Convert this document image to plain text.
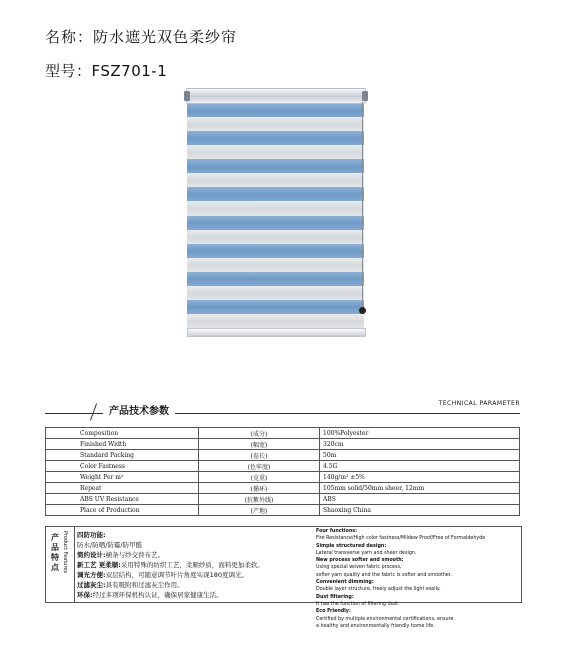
名称：防水遮光双色柔纱帘
型号：FSZ701-1
产品技术参数
TECHNICAL PARAMETER
Composition	(成分)	100%Polyester
Finished Width	(幅宽)	320cm
Standard Packing	(卷长)	50m
Color Fastness	(色牢度)	4.5G
Weight Per m²	(克重)	140g/m² ±5%
Repeat	(循环)	105mm solid/50mm sheer, 12mm
ABS UV Resistance	(抗紫外线)	ABS
Place of Production	(产地)	Shaoxing China
产品特点 Product Features 四防功能:
防水/防晒/防霉/防甲醛
简约设计:横条与纱交替布艺。
新工艺 更柔顺:采用特殊的纺织工艺，柔顺纱质，面料更加柔软。
调光方便:双层结构，可随意调节叶片角度实现180度调光。
过滤灰尘:具有吸附和过滤灰尘作用。
环保:经过多项环保机构认证，确保居家健康生活。
Four functions:
Fire Resistance/High color fastness/Mildew Proof/Free of Formaldehyde
Simple structured design:
Lateral transverse yarn and sheer design.
New process softer and smooth:
Using special woven fabric process,
softer yarn quality and the fabric is softer and smoother.
Convenient dimming:
Double layer structure, freely adjust the light easily.
Dust filtering:
It has the function of filtering dust.
Eco Friendly:
Certified by multiple environmental certifications, ensure
a healthy and environmentally friendly home life.
